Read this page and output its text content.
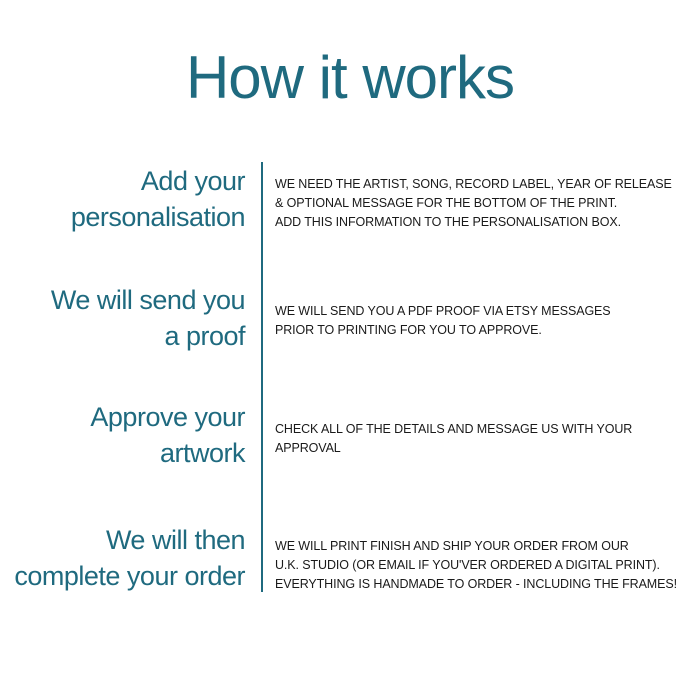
How it works
Add your
personalisation
WE NEED THE ARTIST, SONG, RECORD LABEL, YEAR OF RELEASE
& OPTIONAL MESSAGE FOR THE BOTTOM OF THE PRINT.
ADD THIS INFORMATION TO THE PERSONALISATION BOX.
We will send you
a proof
WE WILL SEND YOU A PDF PROOF VIA ETSY MESSAGES
PRIOR TO PRINTING FOR YOU TO APPROVE.
Approve your
artwork
CHECK ALL OF THE DETAILS AND MESSAGE US WITH YOUR
APPROVAL
We will then
complete your order
WE WILL PRINT FINISH AND SHIP YOUR ORDER FROM OUR
U.K. STUDIO (OR EMAIL IF YOU'VER ORDERED A DIGITAL PRINT).
EVERYTHING IS HANDMADE TO ORDER - INCLUDING THE FRAMES!
